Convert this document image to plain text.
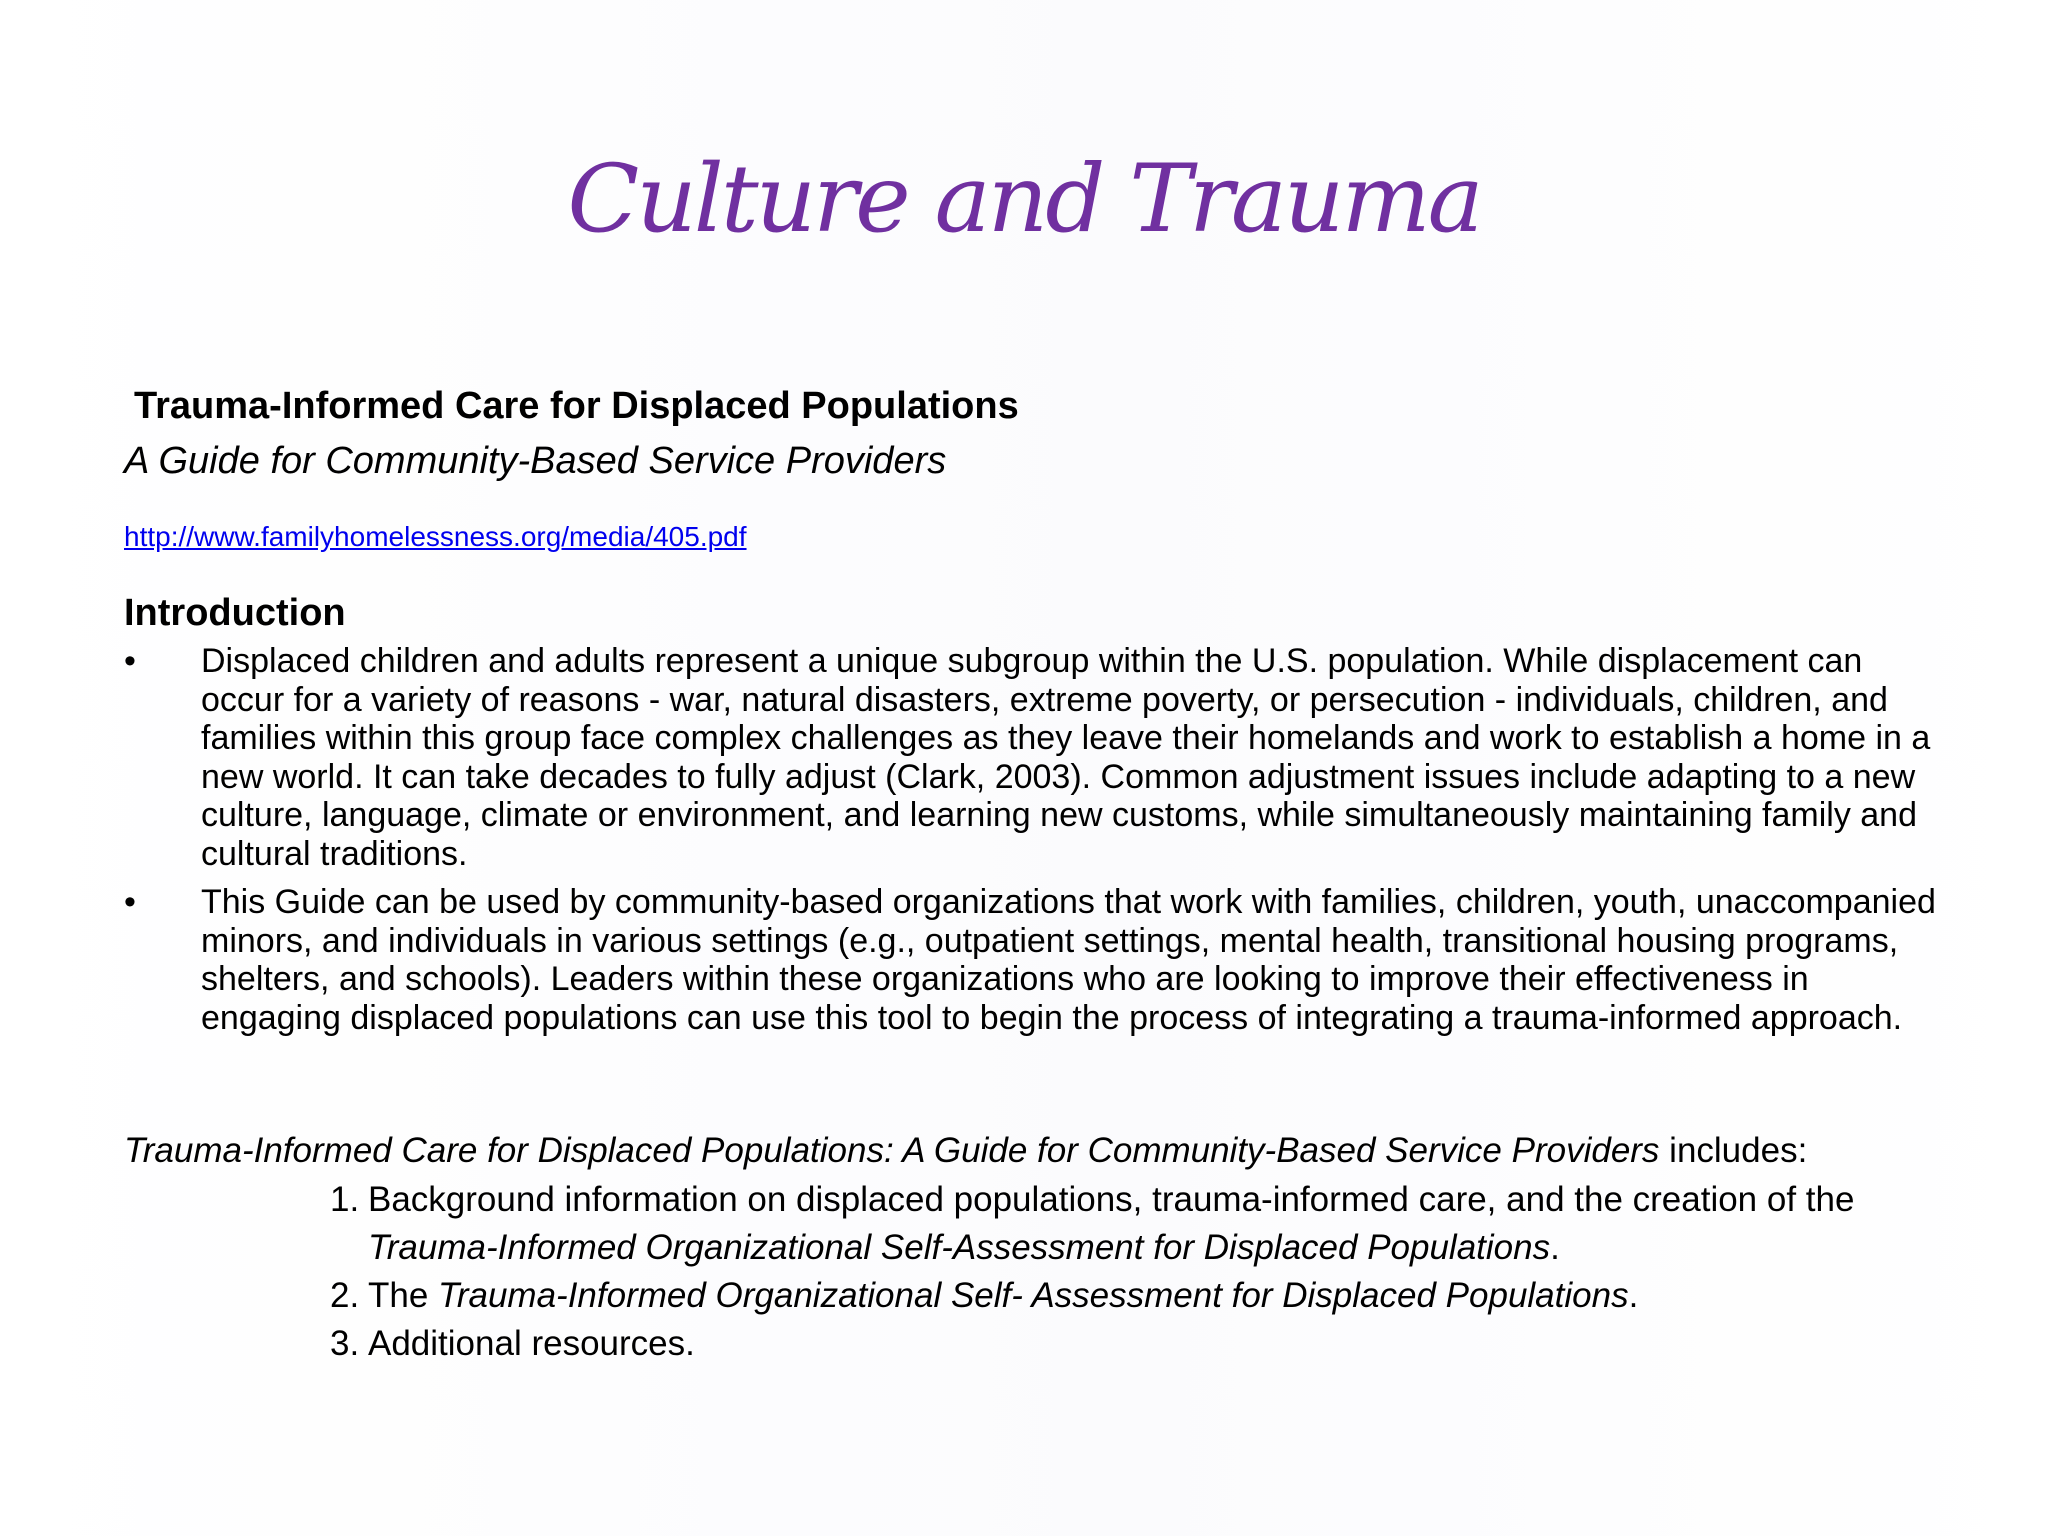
Culture and Trauma
Trauma-Informed Care for Displaced Populations
A Guide for Community-Based Service Providers
http://www.familyhomelessness.org/media/405.pdf
Introduction
•	Displaced children and adults represent a unique subgroup within the U.S. population. While displacement can occur for a variety of reasons - war, natural disasters, extreme poverty, or persecution - individuals, children, and families within this group face complex challenges as they leave their homelands and work to establish a home in a new world. It can take decades to fully adjust (Clark, 2003). Common adjustment issues include adapting to a new culture, language, climate or environment, and learning new customs, while simultaneously maintaining family and cultural traditions.
•	This Guide can be used by community-based organizations that work with families, children, youth, unaccompanied minors, and individuals in various settings (e.g., outpatient settings, mental health, transitional housing programs, shelters, and schools). Leaders within these organizations who are looking to improve their effectiveness in engaging displaced populations can use this tool to begin the process of integrating a trauma-informed approach.
Trauma-Informed Care for Displaced Populations: A Guide for Community-Based Service Providers includes:
1. Background information on displaced populations, trauma-informed care, and the creation of the Trauma-Informed Organizational Self-Assessment for Displaced Populations.
2. The Trauma-Informed Organizational Self- Assessment for Displaced Populations.
3. Additional resources.
